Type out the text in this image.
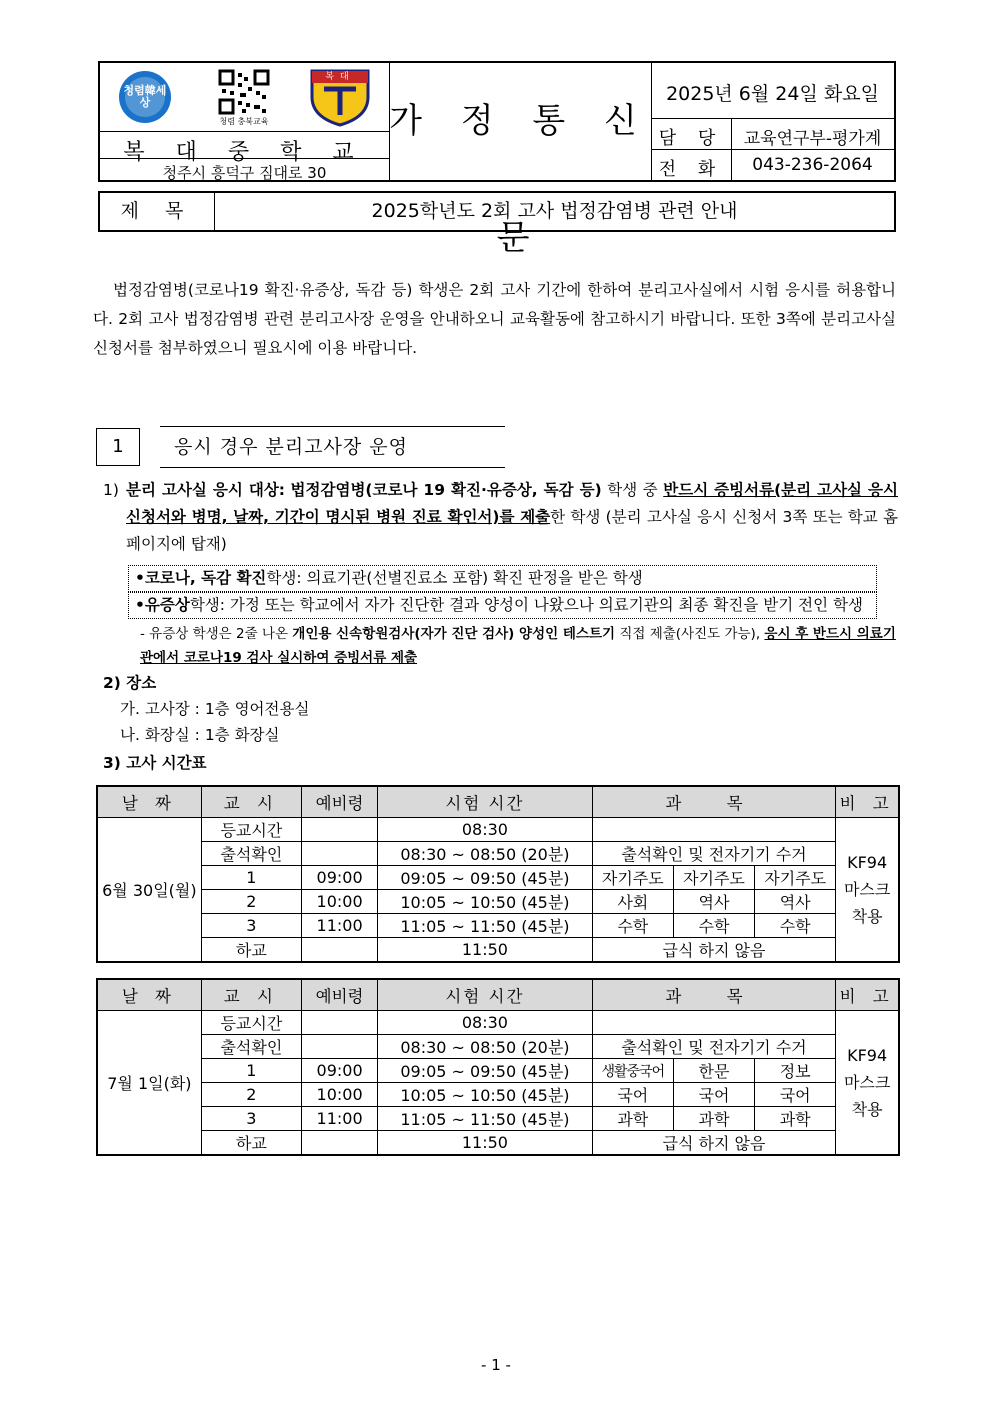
청렴韓세상
청렴 충북교육
복대
복 대 중 학 교
청주시 흥덕구 짐대로 30
가 정 통 신 문
2025년 6월 24일 화요일
담 당	교육연구부-평가계
전 화	043-236-2064
제 목	2025학년도 2회 고사 법정감염병 관련 안내
법정감염병(코로나19 확진·유증상, 독감 등) 학생은 2회 고사 기간에 한하여 분리고사실에서 시험 응시를 허용합니다. 2회 고사 법정감염병 관련 분리고사장 운영을 안내하오니 교육활동에 참고하시기 바랍니다. 또한 3쪽에 분리고사실 신청서를 첨부하였으니 필요시에 이용 바랍니다.
1	응시 경우 분리고사장 운영
1) 분리 고사실 응시 대상: 법정감염병(코로나 19 확진·유증상, 독감 등) 학생 중 반드시 증빙서류(분리 고사실 응시 신청서와 병명, 날짜, 기간이 명시된 병원 진료 확인서)를 제출한 학생 (분리 고사실 응시 신청서 3쪽 또는 학교 홈페이지에 탑재)
•코로나, 독감 확진학생: 의료기관(선별진료소 포함) 확진 판정을 받은 학생
•유증상학생: 가정 또는 학교에서 자가 진단한 결과 양성이 나왔으나 의료기관의 최종 확진을 받기 전인 학생
- 유증상 학생은 2줄 나온 개인용 신속항원검사(자가 진단 검사) 양성인 테스트기 직접 제출(사진도 가능), 응시 후 반드시 의료기관에서 코로나19 검사 실시하여 증빙서류 제출
2) 장소
가. 고사장 : 1층 영어전용실
나. 화장실 : 1층 화장실
3) 고사 시간표
날 짜	교 시	예비령	시험 시간	과 목			비 고
6월 30일(월)	등교시간		08:30				KF94
마스크
착용

	출석확인		08:30 ~ 08:50 (20분)	출석확인 및 전자기기 수거			
	1	09:00	09:05 ~ 09:50 (45분)	자기주도	자기주도	자기주도	
	2	10:00	10:05 ~ 10:50 (45분)	사회	역사	역사	
	3	11:00	11:05 ~ 11:50 (45분)	수학	수학	수학	
	하교		11:50	급식 하지 않음			
날 짜	교 시	예비령	시험 시간	과 목			비 고
7월 1일(화)	등교시간		08:30				KF94
마스크
착용

	출석확인		08:30 ~ 08:50 (20분)	출석확인 및 전자기기 수거			
	1	09:00	09:05 ~ 09:50 (45분)	생활중국어	한문	정보	
	2	10:00	10:05 ~ 10:50 (45분)	국어	국어	국어	
	3	11:00	11:05 ~ 11:50 (45분)	과학	과학	과학	
	하교		11:50	급식 하지 않음			
- 1 -
